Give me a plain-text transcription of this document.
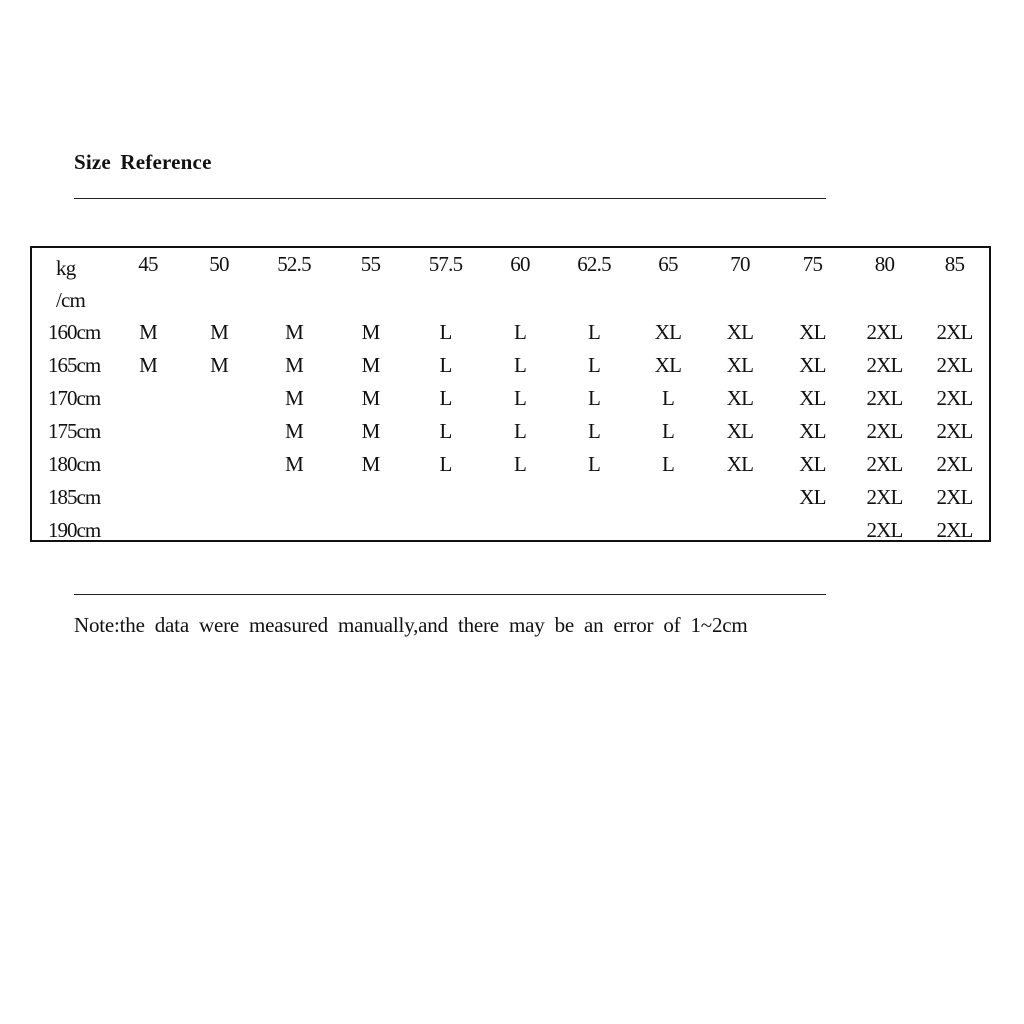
Size Reference
kg
/cm	45	50	52.5	55	57.5	60	62.5	65	70	75	80	85
160cm	M	M	M	M	L	L	L	XL	XL	XL	2XL	2XL
165cm	M	M	M	M	L	L	L	XL	XL	XL	2XL	2XL
170cm			M	M	L	L	L	L	XL	XL	2XL	2XL
175cm			M	M	L	L	L	L	XL	XL	2XL	2XL
180cm			M	M	L	L	L	L	XL	XL	2XL	2XL
185cm										XL	2XL	2XL
190cm											2XL	2XL
Note:the data were measured manually,and there may be an error of 1~2cm
